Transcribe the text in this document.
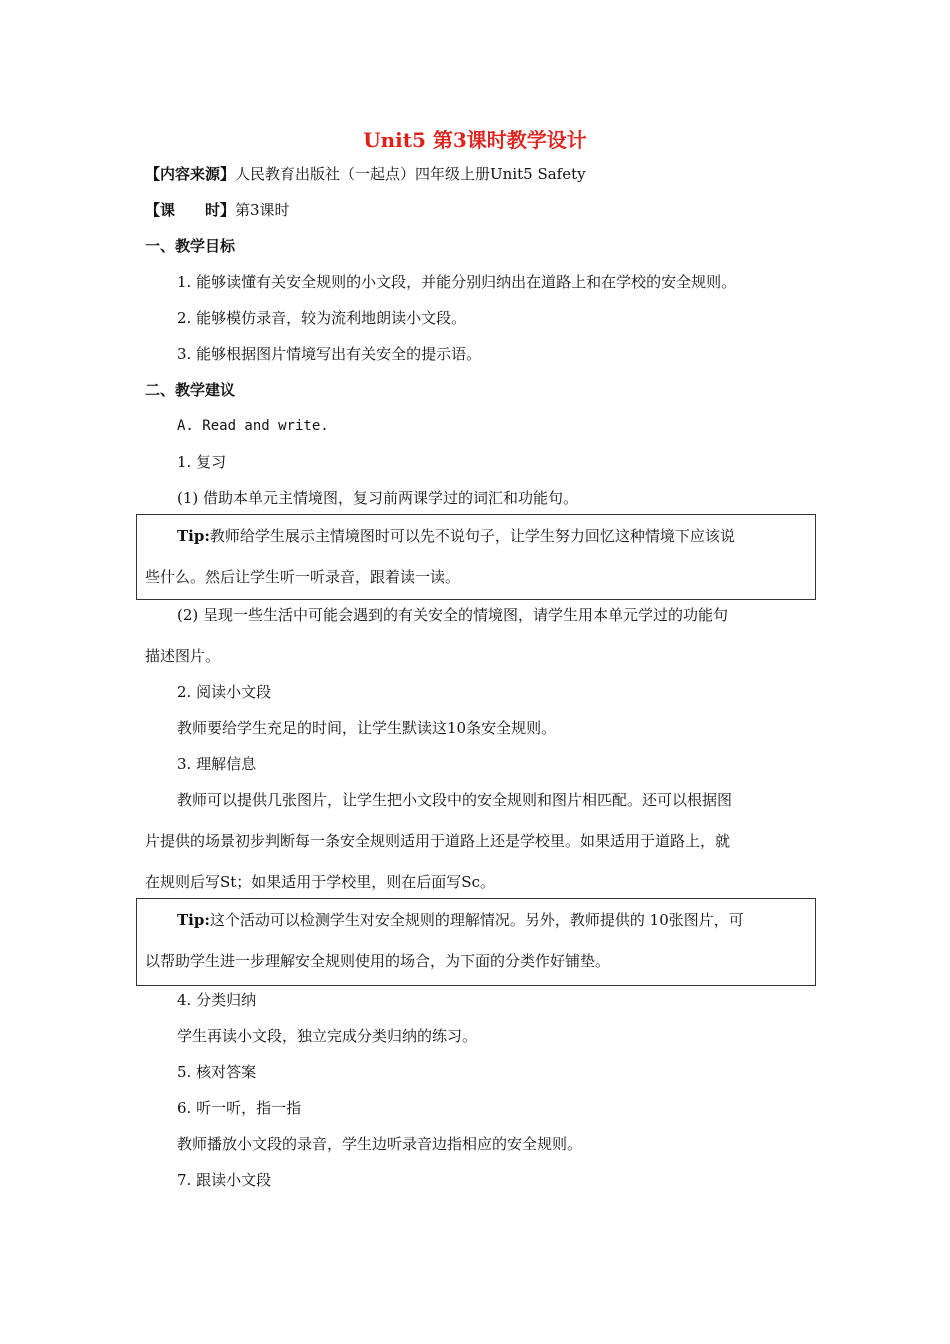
Unit5 第3课时教学设计
【内容来源】人民教育出版社（一起点）四年级上册Unit5 Safety
【课　　时】第3课时
一、教学目标
1. 能够读懂有关安全规则的小文段，并能分别归纳出在道路上和在学校的安全规则。
2. 能够模仿录音，较为流利地朗读小文段。
3. 能够根据图片情境写出有关安全的提示语。
二、教学建议
A. Read and write.
1. 复习
(1) 借助本单元主情境图，复习前两课学过的词汇和功能句。
Tip:教师给学生展示主情境图时可以先不说句子，让学生努力回忆这种情境下应该说
些什么。然后让学生听一听录音，跟着读一读。
(2) 呈现一些生活中可能会遇到的有关安全的情境图，请学生用本单元学过的功能句
描述图片。
2. 阅读小文段
教师要给学生充足的时间，让学生默读这10条安全规则。
3. 理解信息
教师可以提供几张图片，让学生把小文段中的安全规则和图片相匹配。还可以根据图
片提供的场景初步判断每一条安全规则适用于道路上还是学校里。如果适用于道路上，就
在规则后写St；如果适用于学校里，则在后面写Sc。
Tip:这个活动可以检测学生对安全规则的理解情况。另外，教师提供的 10张图片，可
以帮助学生进一步理解安全规则使用的场合，为下面的分类作好铺垫。
4. 分类归纳
学生再读小文段，独立完成分类归纳的练习。
5. 核对答案
6. 听一听，指一指
教师播放小文段的录音，学生边听录音边指相应的安全规则。
7. 跟读小文段
